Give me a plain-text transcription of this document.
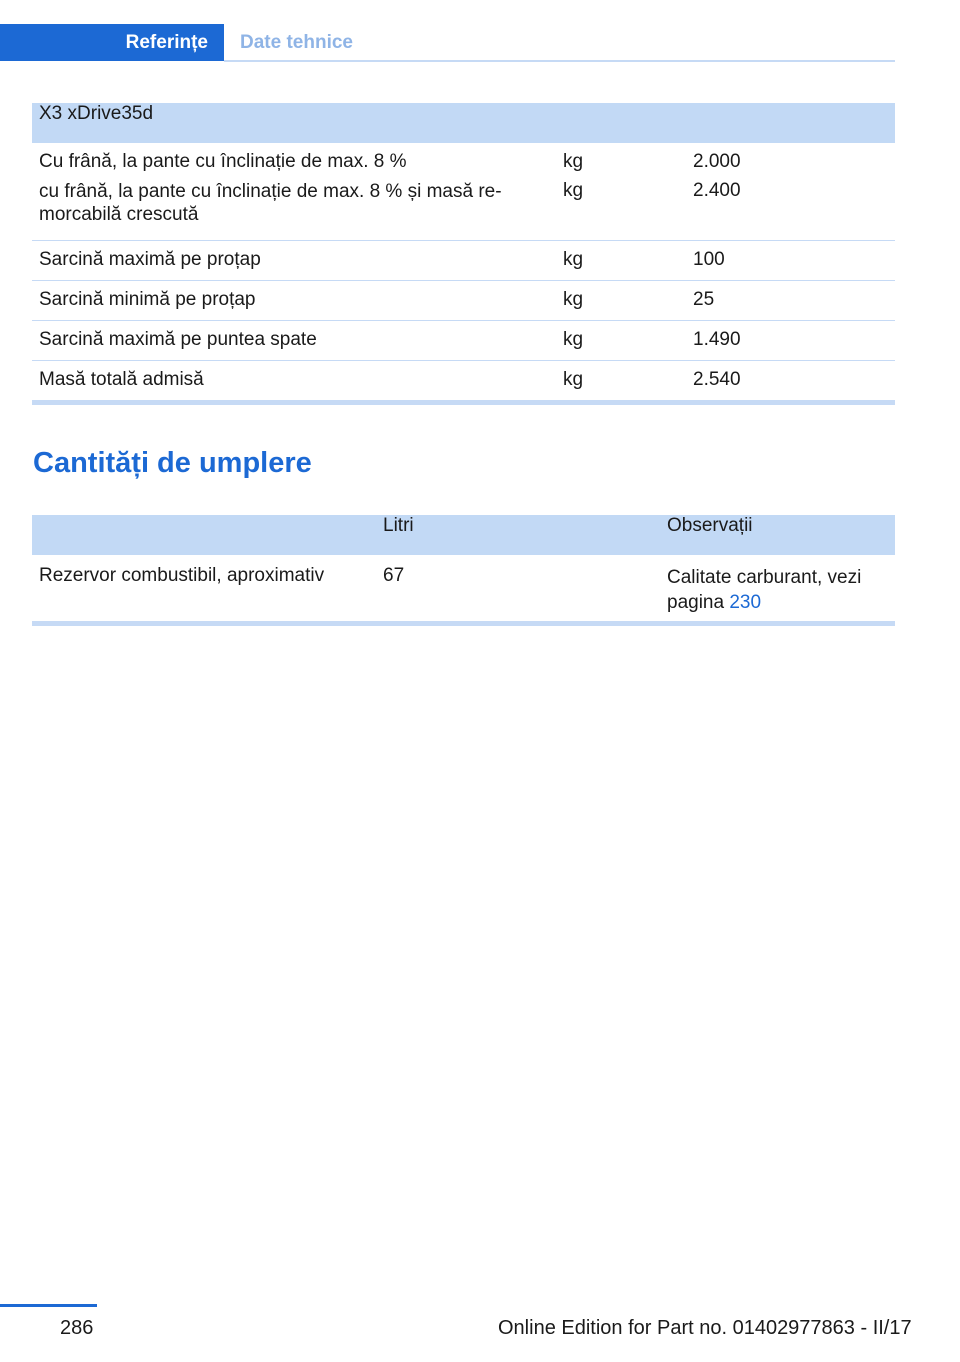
Referințe	Date tehnice
X3 xDrive35d		
Cu frână, la pante cu înclinație de max. 8 %	kg	2.000
cu frână, la pante cu înclinație de max. 8 % și masă re-
morcabilă crescută	kg	2.400
Sarcină maximă pe proțap	kg	100
Sarcină minimă pe proțap	kg	25
Sarcină maximă pe puntea spate	kg	1.490
Masă totală admisă	kg	2.540
Cantități de umplere
	Litri	Observații
Rezervor combustibil, aproximativ	67	Calitate carburant, vezi pagina 230
286	Online Edition for Part no. 01402977863 - II/17
